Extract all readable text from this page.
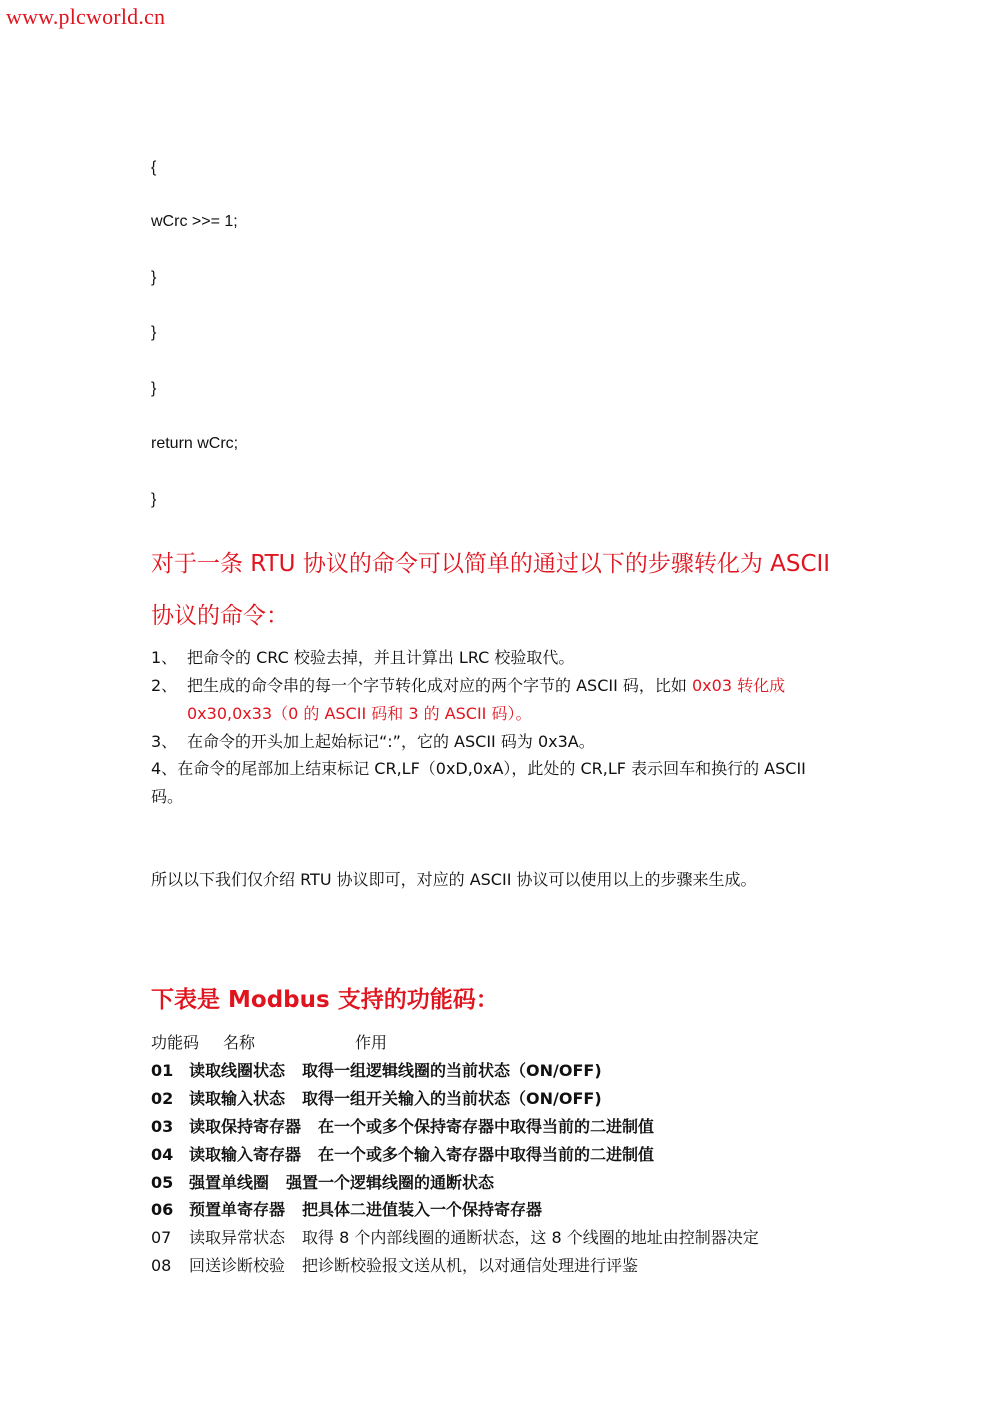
www.plcworld.cn
{
wCrc >>= 1;
}
}
}
return wCrc;
}
对于一条 RTU 协议的命令可以简单的通过以下的步骤转化为 ASCII
协议的命令：
1、 把命令的 CRC 校验去掉，并且计算出 LRC 校验取代。
2、 把生成的命令串的每一个字节转化成对应的两个字节的 ASCII 码，比如 0x03 转化成
0x30,0x33（0 的 ASCII 码和 3 的 ASCII 码）。
3、 在命令的开头加上起始标记“:”，它的 ASCII 码为 0x3A。
4、在命令的尾部加上结束标记 CR,LF（0xD,0xA），此处的 CR,LF 表示回车和换行的 ASCII
码。
所以以下我们仅介绍 RTU 协议即可，对应的 ASCII 协议可以使用以上的步骤来生成。
下表是 Modbus 支持的功能码：
功能码 名称	作用
01 读取线圈状态 取得一组逻辑线圈的当前状态（ON/OFF)
02 读取输入状态 取得一组开关输入的当前状态（ON/OFF)
03 读取保持寄存器 在一个或多个保持寄存器中取得当前的二进制值
04 读取输入寄存器 在一个或多个输入寄存器中取得当前的二进制值
05 强置单线圈 强置一个逻辑线圈的通断状态
06 预置单寄存器 把具体二进值装入一个保持寄存器
07 读取异常状态 取得 8 个内部线圈的通断状态，这 8 个线圈的地址由控制器决定
08 回送诊断校验 把诊断校验报文送从机，以对通信处理进行评鉴
